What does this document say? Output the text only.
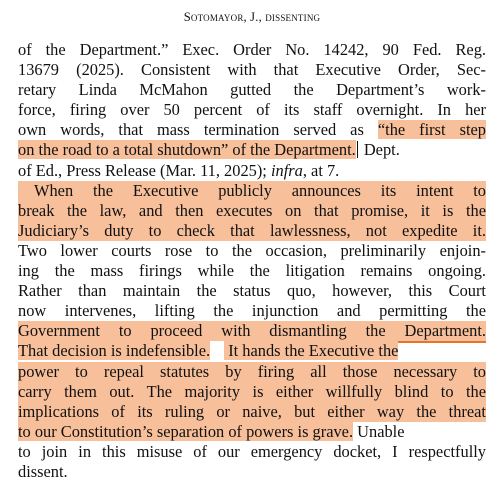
Sotomayor, J., dissenting
of the Department.” Exec. Order No. 14242, 90 Fed. Reg.
13679 (2025). Consistent with that Executive Order, Sec-
retary Linda McMahon gutted the Department’s work-
force, firing over 50 percent of its staff overnight. In her
own words, that mass termination served as “the first step
on the road to a total shutdown” of the Department. Dept.
of Ed., Press Release (Mar. 11, 2025); infra, at 7.
When the Executive publicly announces its intent to
break the law, and then executes on that promise, it is the
Judiciary’s duty to check that lawlessness, not expedite it.
Two lower courts rose to the occasion, preliminarily enjoin-
ing the mass firings while the litigation remains ongoing.
Rather than maintain the status quo, however, this Court
now intervenes, lifting the injunction and permitting the
Government to proceed with dismantling the Department.
That decision is indefensible. It hands the Executive the
power to repeal statutes by firing all those necessary to
carry them out. The majority is either willfully blind to the
implications of its ruling or naive, but either way the threat
to our Constitution’s separation of powers is grave. Unable
to join in this misuse of our emergency docket, I respectfully
dissent.
